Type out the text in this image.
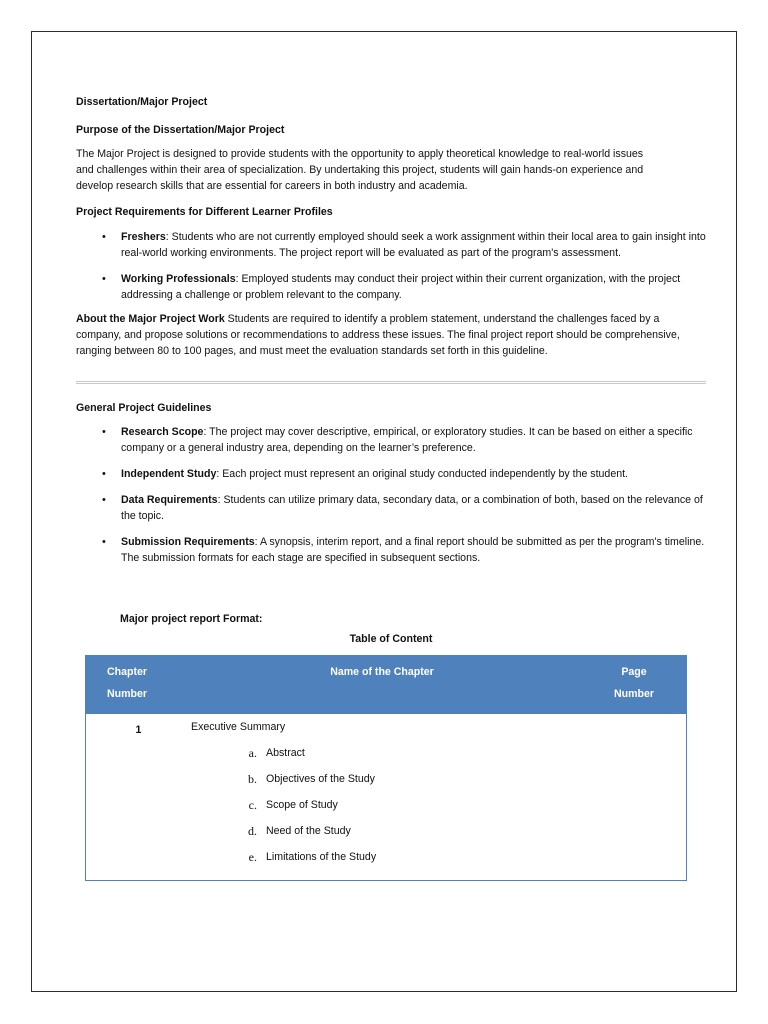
Dissertation/Major Project
Purpose of the Dissertation/Major Project
The Major Project is designed to provide students with the opportunity to apply theoretical knowledge to real-world issues
and challenges within their area of specialization. By undertaking this project, students will gain hands-on experience and
develop research skills that are essential for careers in both industry and academia.
Project Requirements for Different Learner Profiles
• Freshers: Students who are not currently employed should seek a work assignment within their local area to gain insight into real-world working environments. The project report will be evaluated as part of the program's assessment.
• Working Professionals: Employed students may conduct their project within their current organization, with the project addressing a challenge or problem relevant to the company.
About the Major Project Work Students are required to identify a problem statement, understand the challenges faced by a company, and propose solutions or recommendations to address these issues. The final project report should be comprehensive, ranging between 80 to 100 pages, and must meet the evaluation standards set forth in this guideline.
General Project Guidelines
• Research Scope: The project may cover descriptive, empirical, or exploratory studies. It can be based on either a specific company or a general industry area, depending on the learner’s preference.
• Independent Study: Each project must represent an original study conducted independently by the student.
• Data Requirements: Students can utilize primary data, secondary data, or a combination of both, based on the relevance of the topic.
• Submission Requirements: A synopsis, interim report, and a final report should be submitted as per the program's timeline. The submission formats for each stage are specified in subsequent sections.
Major project report Format:
Table of Content
Chapter
Number
Name of the Chapter	Page
Number
1	Executive Summary
a. Abstract
b. Objectives of the Study
c. Scope of Study
d. Need of the Study
e. Limitations of the Study
